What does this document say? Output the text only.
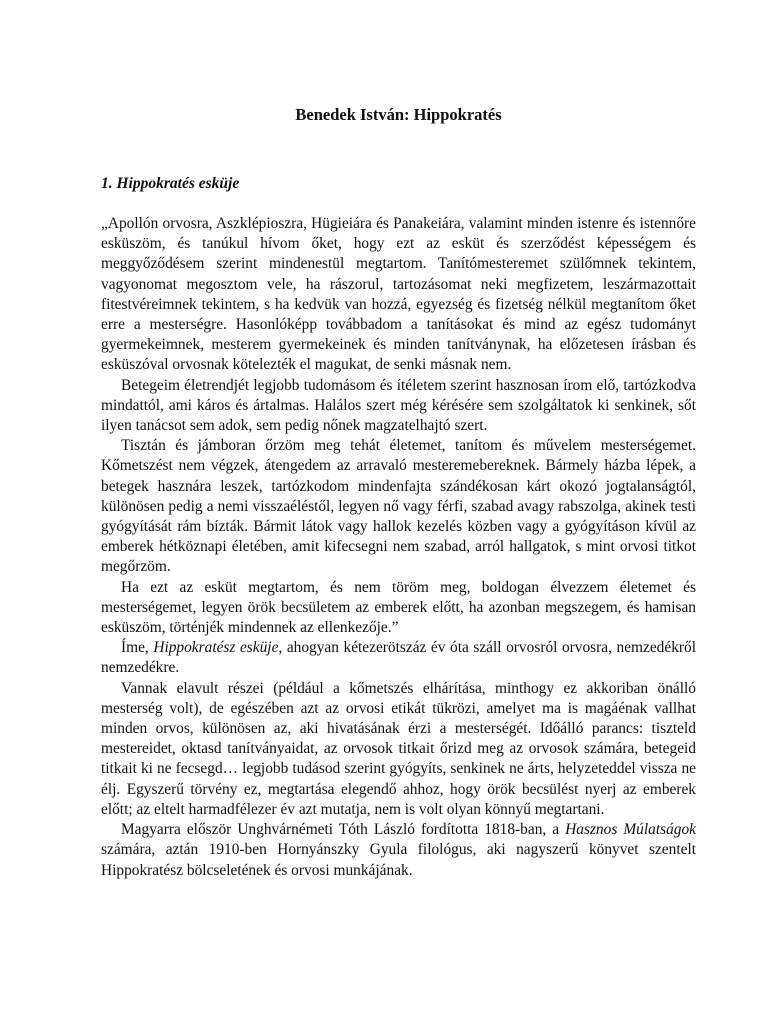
Benedek István: Hippokratés
1. Hippokratés esküje

„Apollón orvosra, Aszklépioszra, Hügieiára és Panakeiára, valamint minden istenre és istennőre esküszöm, és tanúkul hívom őket, hogy ezt az esküt és szerződést képességem és meggyőződésem szerint mindenestül megtartom. Tanítómesteremet szülőmnek tekintem, vagyonomat megosztom vele, ha rászorul, tartozásomat neki megfizetem, leszármazottait fitestvéreimnek tekintem, s ha kedvük van hozzá, egyezség és fizetség nélkül megtanítom őket erre a mesterségre. Hasonlóképp továbbadom a tanításokat és mind az egész tudományt gyermekeimnek, mesterem gyermekeinek és minden tanítványnak, ha előzetesen írásban és esküszóval orvosnak kötelezték el magukat, de senki másnak nem.

Betegeim életrendjét legjobb tudomásom és ítéletem szerint hasznosan írom elő, tartózkodva mindattól, ami káros és ártalmas. Halálos szert még kérésére sem szolgáltatok ki senkinek, sőt ilyen tanácsot sem adok, sem pedig nőnek magzatelhajtó szert.

Tisztán és jámboran őrzöm meg tehát életemet, tanítom és művelem mesterségemet. Kőmetszést nem végzek, átengedem az arravaló mesteremebereknek. Bármely házba lépek, a betegek hasznára leszek, tartózkodom mindenfajta szándékosan kárt okozó jogtalanságtól, különösen pedig a nemi visszaéléstől, legyen nő vagy férfi, szabad avagy rabszolga, akinek testi gyógyítását rám bízták. Bármit látok vagy hallok kezelés közben vagy a gyógyításon kívül az emberek hétköznapi életében, amit kifecsegni nem szabad, arról hallgatok, s mint orvosi titkot megőrzöm.

Ha ezt az esküt megtartom, és nem töröm meg, boldogan élvezzem életemet és mesterségemet, legyen örök becsületem az emberek előtt, ha azonban megszegem, és hamisan esküszöm, történjék mindennek az ellenkezője.”

Íme, Hippokratész esküje, ahogyan kétezerötszáz év óta száll orvosról orvosra, nemzedékről nemzedékre.

Vannak elavult részei (például a kőmetszés elhárítása, minthogy ez akkoriban önálló mesterség volt), de egészében azt az orvosi etikát tükrözi, amelyet ma is magáénak vallhat minden orvos, különösen az, aki hivatásának érzi a mesterségét. Időálló parancs: tiszteld mestereidet, oktasd tanítványaidat, az orvosok titkait őrizd meg az orvosok számára, betegeid titkait ki ne fecsegd… legjobb tudásod szerint gyógyíts, senkinek ne árts, helyzeteddel vissza ne élj. Egyszerű törvény ez, megtartása elegendő ahhoz, hogy örök becsülést nyerj az emberek előtt; az eltelt harmadfélezer év azt mutatja, nem is volt olyan könnyű megtartani.

Magyarra először Unghvárnémeti Tóth László fordította 1818-ban, a Hasznos Múlatságok számára, aztán 1910-ben Hornyánszky Gyula filológus, aki nagyszerű könyvet szentelt Hippokratész bölcseletének és orvosi munkájának.
